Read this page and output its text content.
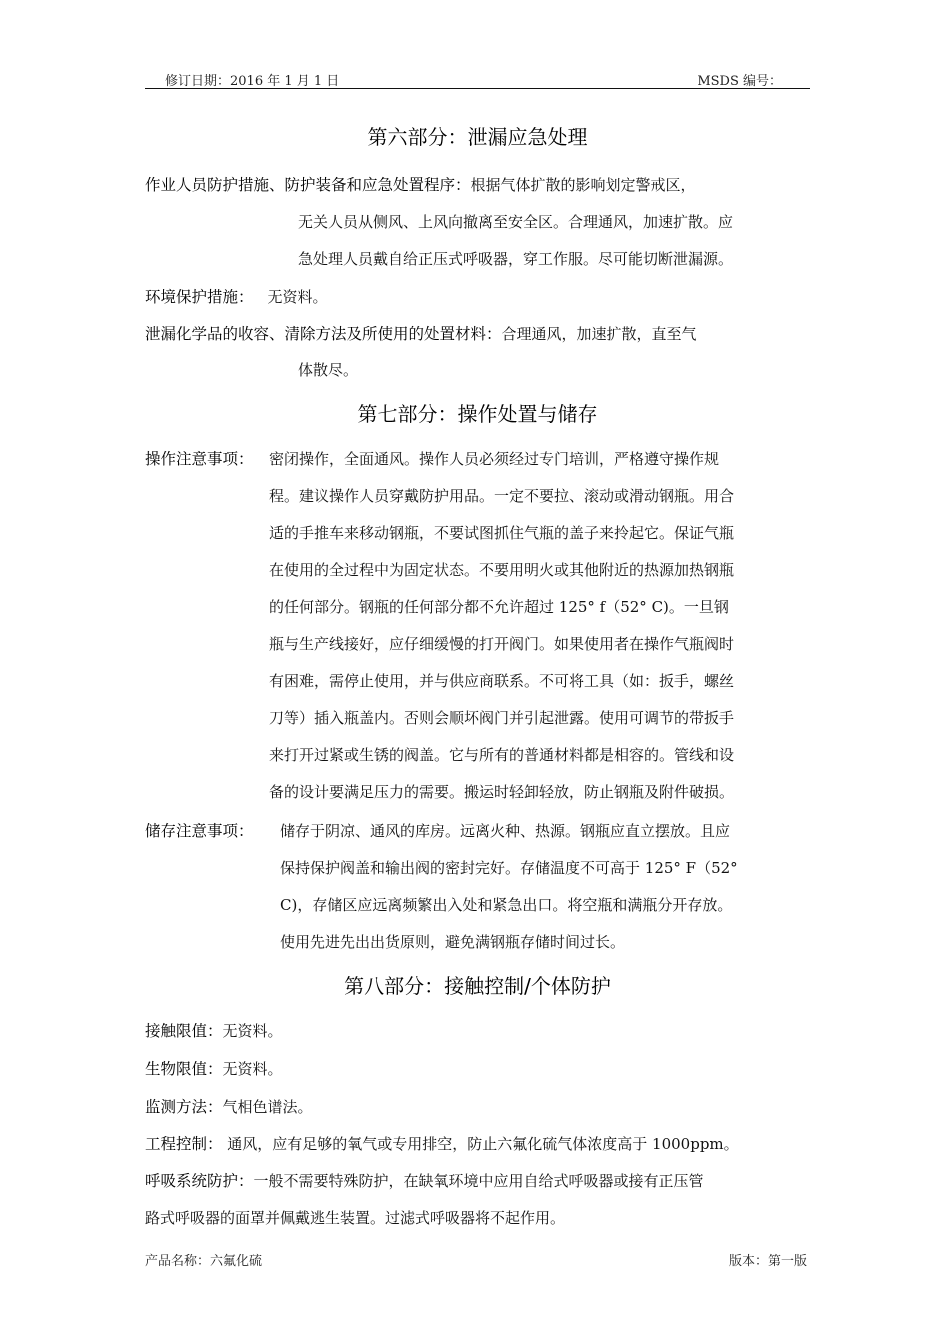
修订日期：2016 年 1 月 1 日	MSDS 编号：
第六部分：泄漏应急处理
作业人员防护措施、防护装备和应急处置程序：根据气体扩散的影响划定警戒区，
无关人员从侧风、上风向撤离至安全区。合理通风，加速扩散。应
急处理人员戴自给正压式呼吸器，穿工作服。尽可能切断泄漏源。
环境保护措施： 无资料。
泄漏化学品的收容、清除方法及所使用的处置材料：合理通风，加速扩散，直至气
体散尽。
第七部分：操作处置与储存
操作注意事项： 密闭操作，全面通风。操作人员必须经过专门培训，严格遵守操作规
程。建议操作人员穿戴防护用品。一定不要拉、滚动或滑动钢瓶。用合
适的手推车来移动钢瓶，不要试图抓住气瓶的盖子来拎起它。保证气瓶
在使用的全过程中为固定状态。不要用明火或其他附近的热源加热钢瓶
的任何部分。钢瓶的任何部分都不允许超过 125° f（52° C)。一旦钢
瓶与生产线接好，应仔细缓慢的打开阀门。如果使用者在操作气瓶阀时
有困难，需停止使用，并与供应商联系。不可将工具（如：扳手，螺丝
刀等）插入瓶盖内。否则会顺坏阀门并引起泄露。使用可调节的带扳手
来打开过紧或生锈的阀盖。它与所有的普通材料都是相容的。管线和设
备的设计要满足压力的需要。搬运时轻卸轻放，防止钢瓶及附件破损。
储存注意事项： 储存于阴凉、通风的库房。远离火种、热源。钢瓶应直立摆放。且应
保持保护阀盖和输出阀的密封完好。存储温度不可高于 125° F（52°
C)，存储区应远离频繁出入处和紧急出口。将空瓶和满瓶分开存放。
使用先进先出出货原则，避免满钢瓶存储时间过长。
第八部分：接触控制/个体防护
接触限值：无资料。
生物限值：无资料。
监测方法：气相色谱法。
工程控制： 通风，应有足够的氧气或专用排空，防止六氟化硫气体浓度高于 1000ppm。
呼吸系统防护：一般不需要特殊防护，在缺氧环境中应用自给式呼吸器或接有正压管
路式呼吸器的面罩并佩戴逃生装置。过滤式呼吸器将不起作用。
产品名称：六氟化硫	版本：第一版
